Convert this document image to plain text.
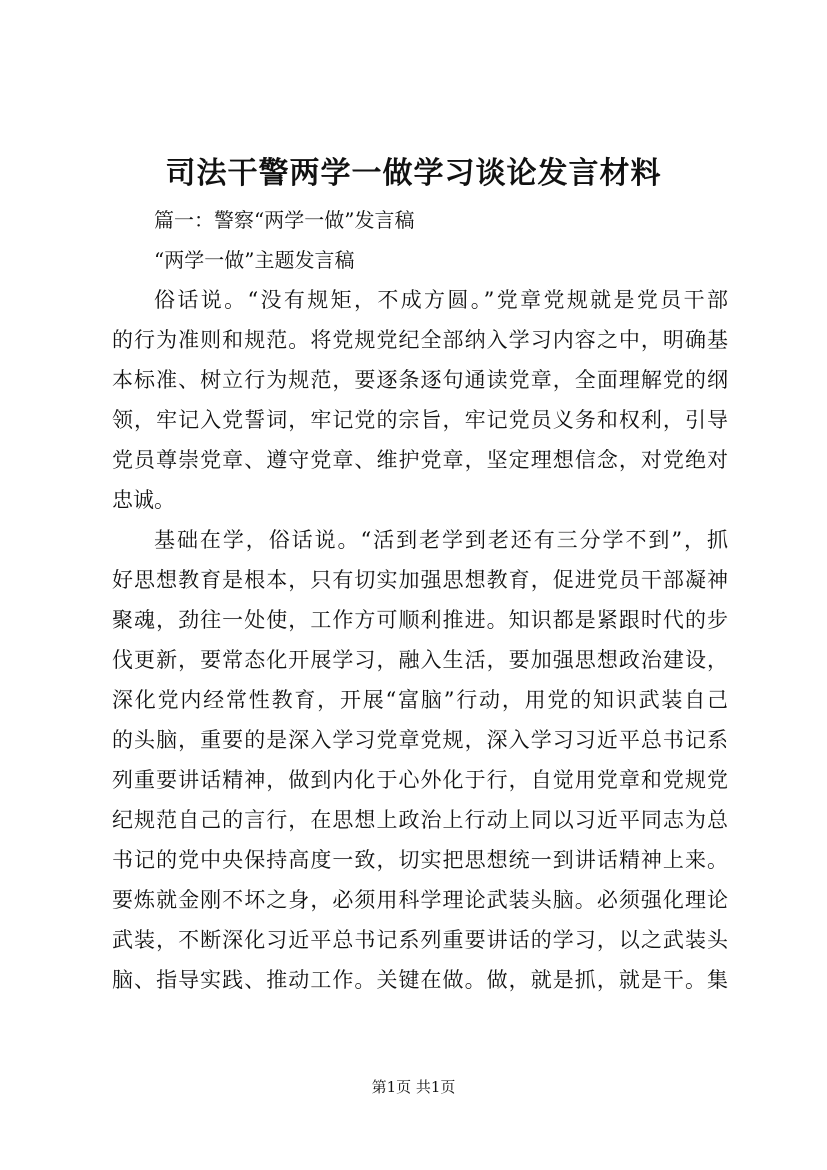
司法干警两学一做学习谈论发言材料
篇一：警察“两学一做”发言稿
“两学一做”主题发言稿
俗话说。“没有规矩，不成方圆。”党章党规就是党员干部
的行为准则和规范。将党规党纪全部纳入学习内容之中，明确基
本标准、树立行为规范，要逐条逐句通读党章，全面理解党的纲
领，牢记入党誓词，牢记党的宗旨，牢记党员义务和权利，引导
党员尊崇党章、遵守党章、维护党章，坚定理想信念，对党绝对
忠诚。
基础在学，俗话说。“活到老学到老还有三分学不到”，抓
好思想教育是根本，只有切实加强思想教育，促进党员干部凝神
聚魂，劲往一处使，工作方可顺利推进。知识都是紧跟时代的步
伐更新，要常态化开展学习，融入生活，要加强思想政治建设，
深化党内经常性教育，开展“富脑”行动，用党的知识武装自己
的头脑，重要的是深入学习党章党规，深入学习习近平总书记系
列重要讲话精神，做到内化于心外化于行，自觉用党章和党规党
纪规范自己的言行，在思想上政治上行动上同以习近平同志为总
书记的党中央保持高度一致，切实把思想统一到讲话精神上来。
要炼就金刚不坏之身，必须用科学理论武装头脑。必须强化理论
武装，不断深化习近平总书记系列重要讲话的学习，以之武装头
脑、指导实践、推动工作。关键在做。做，就是抓，就是干。集
第1页 共1页
